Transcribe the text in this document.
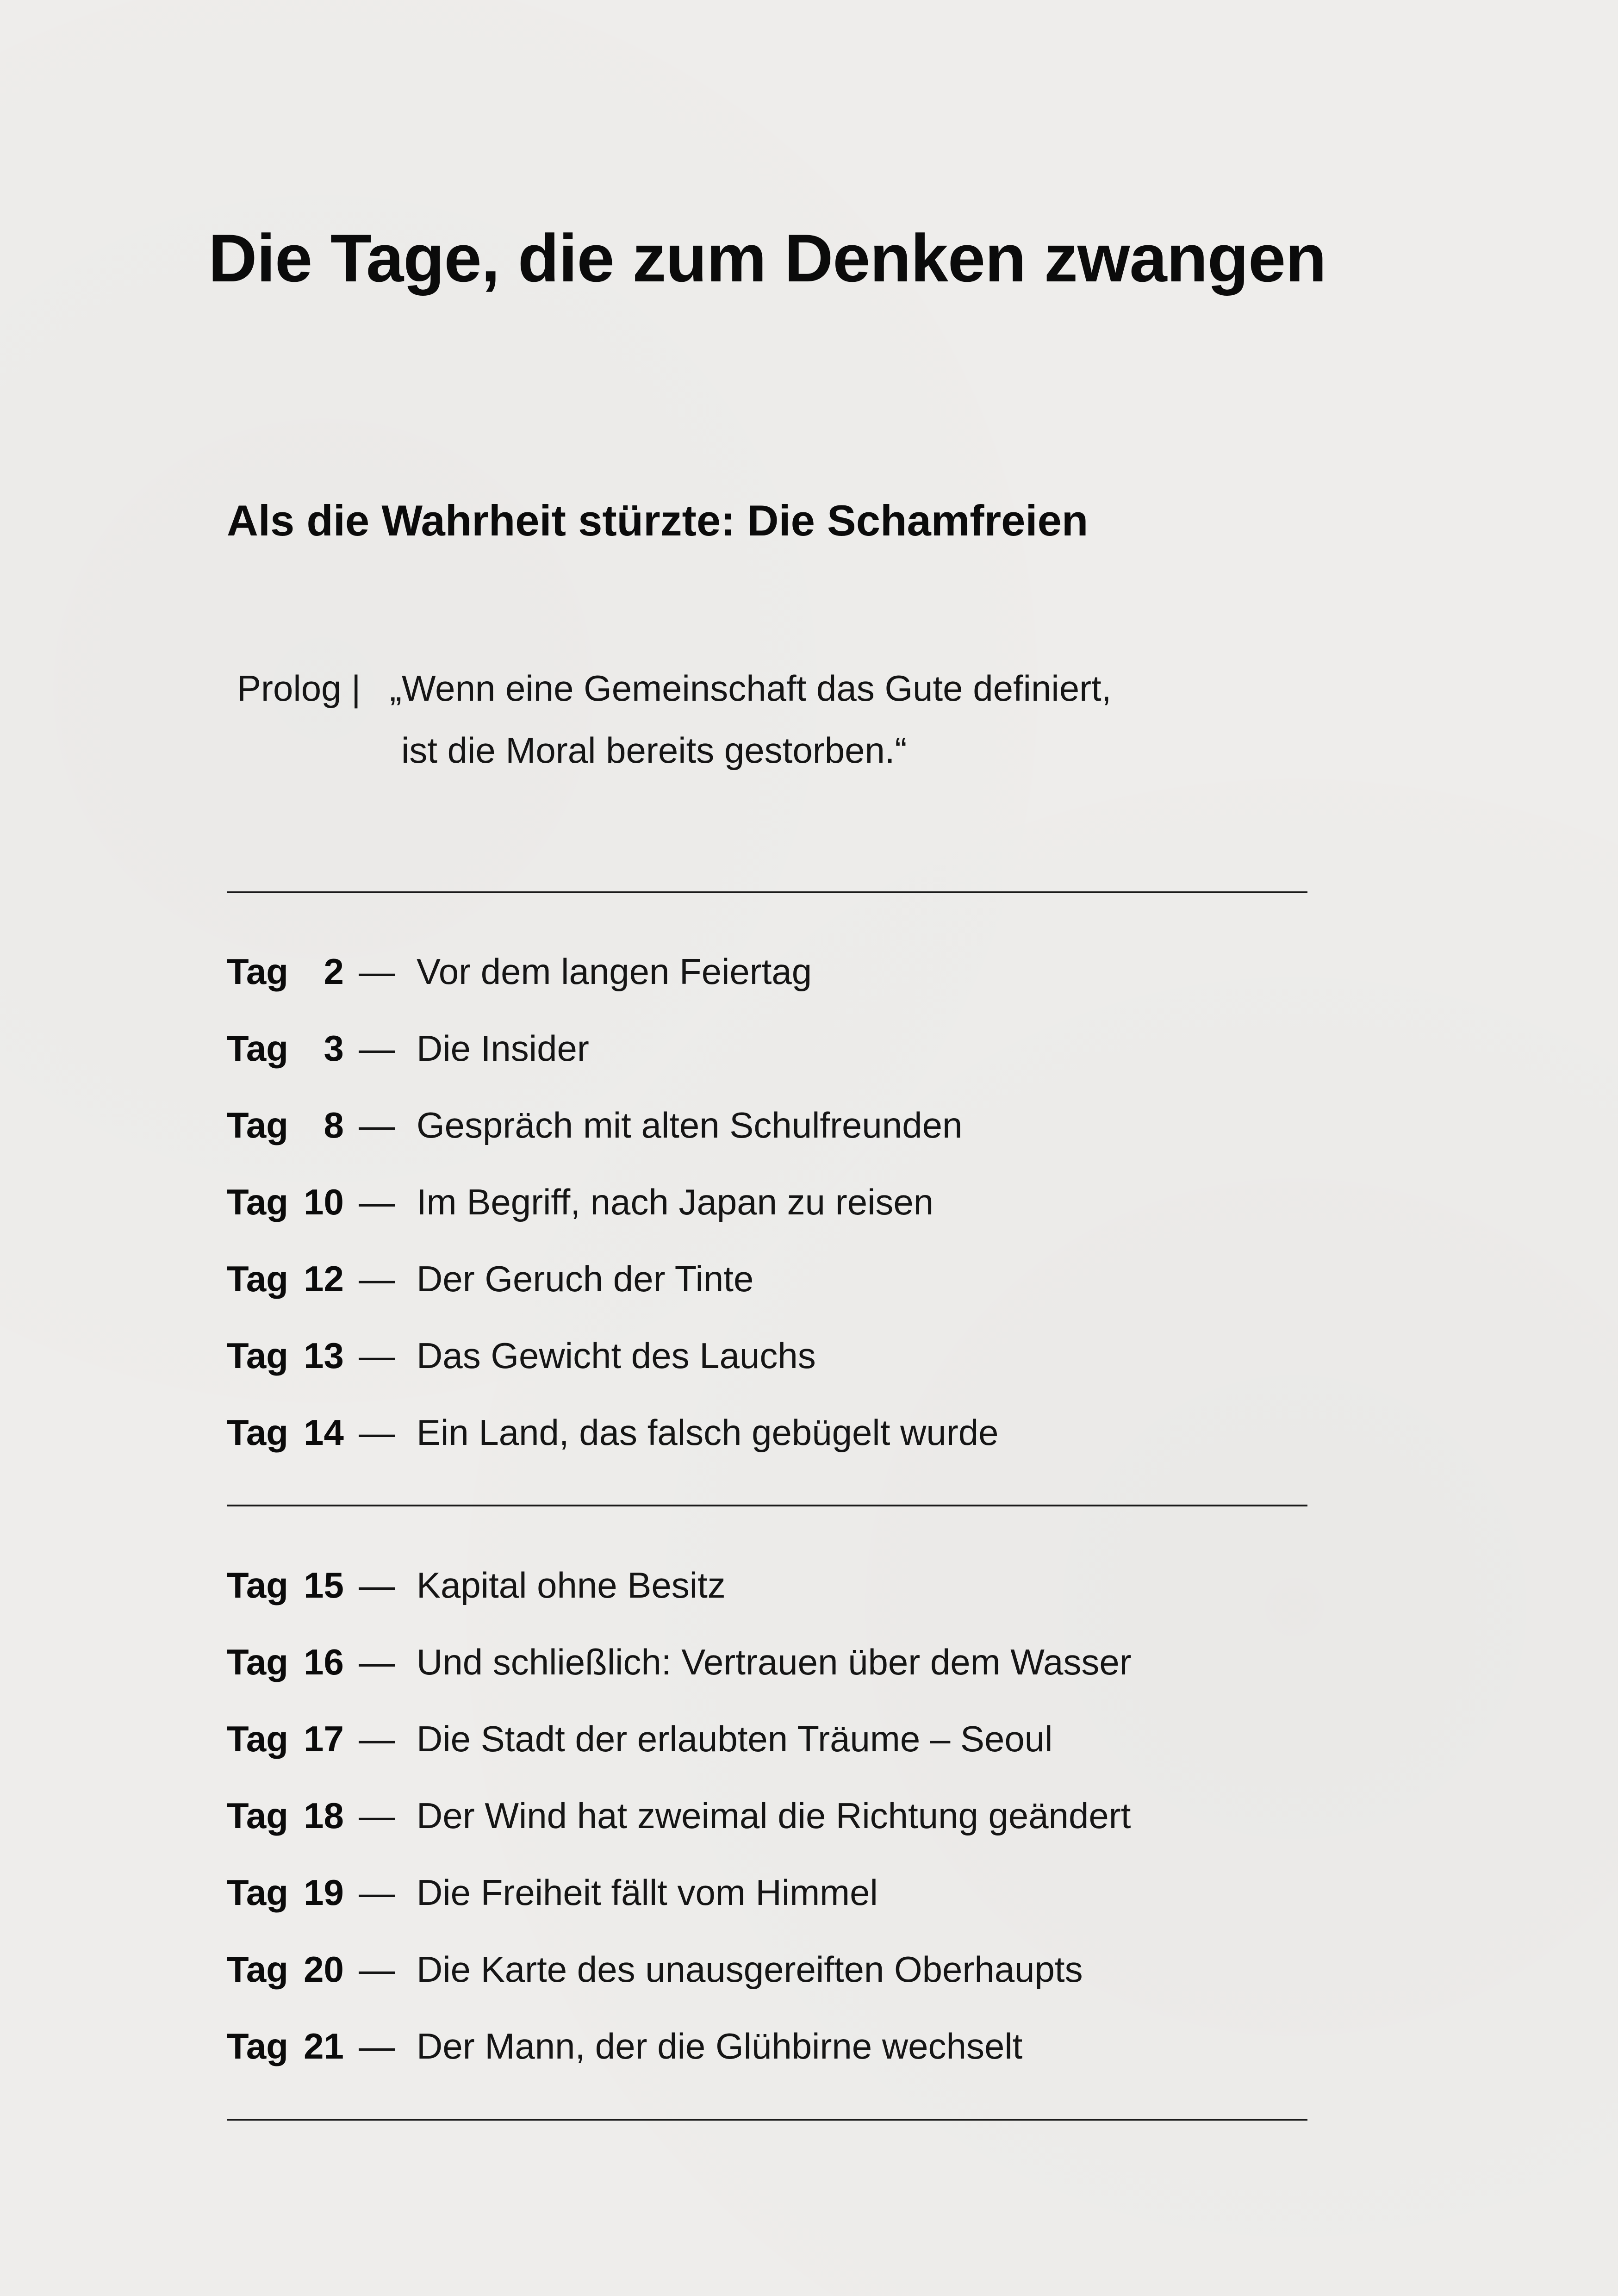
Die Tage, die zum Denken zwangen
Als die Wahrheit stürzte: Die Schamfreien
Prolog | „Wenn eine Gemeinschaft das Gute definiert,
ist die Moral bereits gestorben.“
Tag 2 — Vor dem langen Feiertag
Tag 3 — Die Insider
Tag 8 — Gespräch mit alten Schulfreunden
Tag 10 — Im Begriff, nach Japan zu reisen
Tag 12 — Der Geruch der Tinte
Tag 13 — Das Gewicht des Lauchs
Tag 14 — Ein Land, das falsch gebügelt wurde
Tag 15 — Kapital ohne Besitz
Tag 16 — Und schließlich: Vertrauen über dem Wasser
Tag 17 — Die Stadt der erlaubten Träume – Seoul
Tag 18 — Der Wind hat zweimal die Richtung geändert
Tag 19 — Die Freiheit fällt vom Himmel
Tag 20 — Die Karte des unausgereiften Oberhaupts
Tag 21 — Der Mann, der die Glühbirne wechselt
